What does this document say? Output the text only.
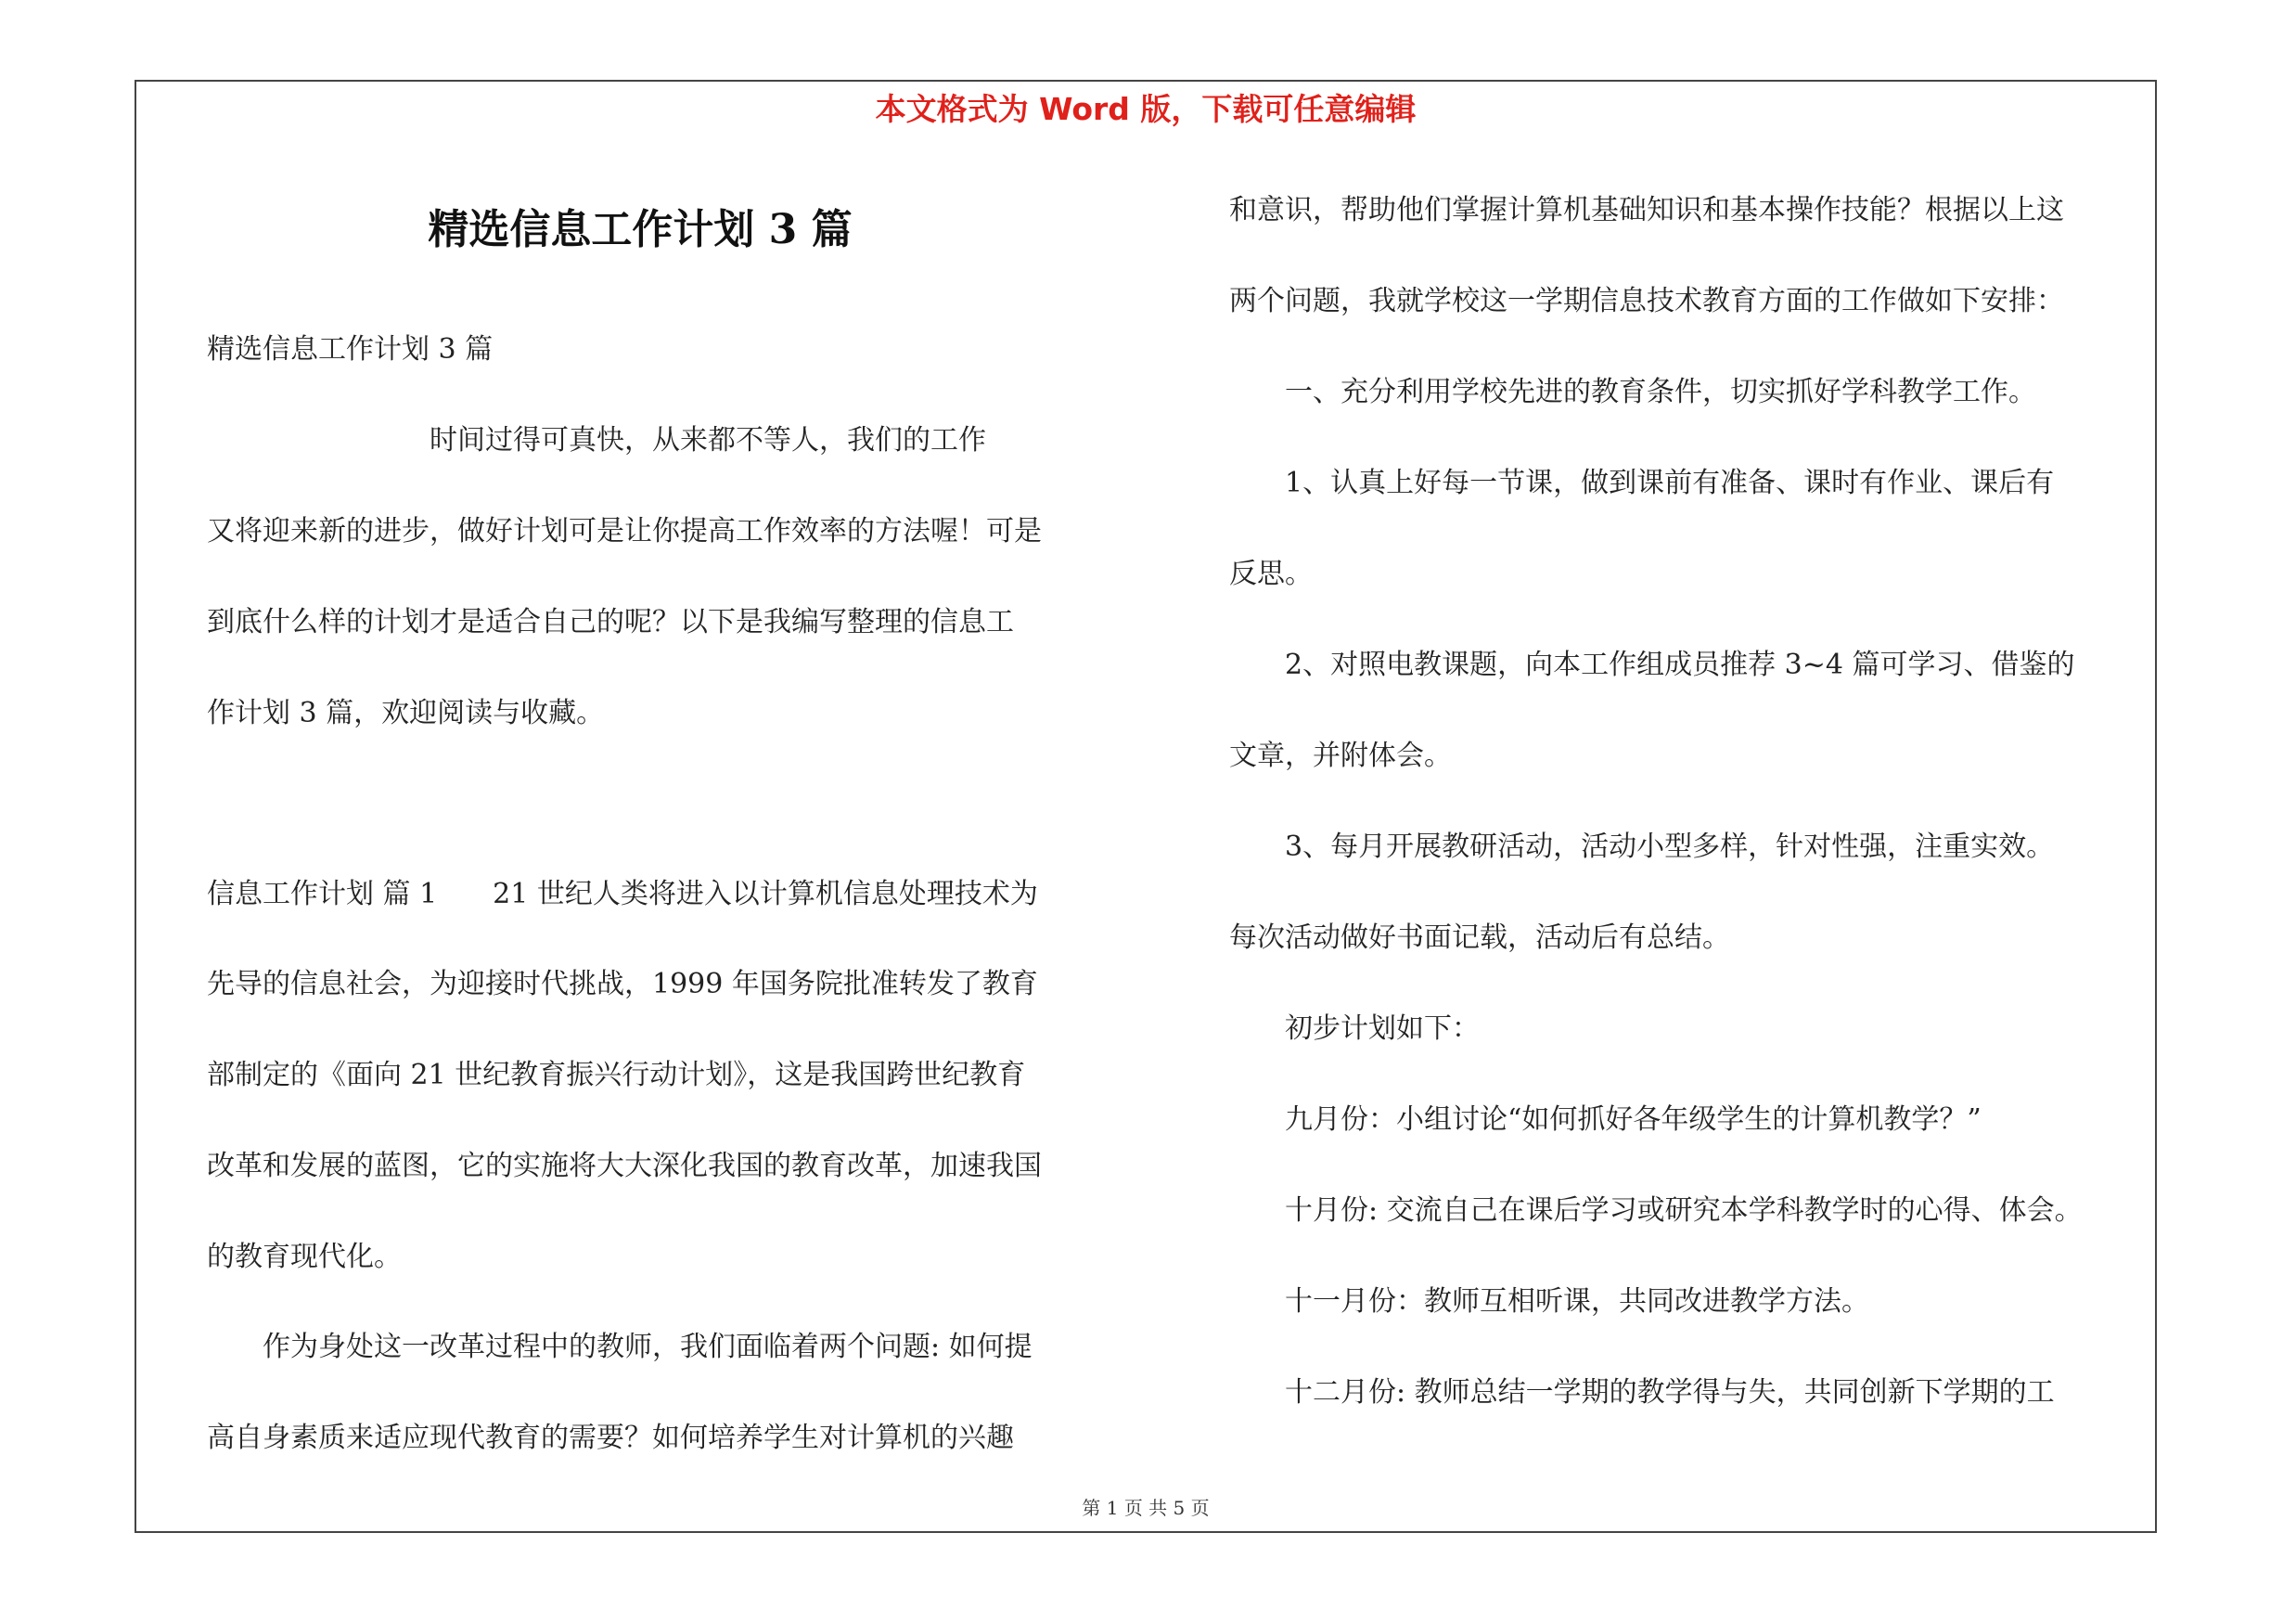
本文格式为 Word 版，下载可任意编辑
精选信息工作计划 3 篇
精选信息工作计划 3 篇
　　　　　　　　时间过得可真快，从来都不等人，我们的工作
又将迎来新的进步，做好计划可是让你提高工作效率的方法喔！可是
到底什么样的计划才是适合自己的呢？以下是我编写整理的信息工
作计划 3 篇，欢迎阅读与收藏。
信息工作计划 篇 1　　21 世纪人类将进入以计算机信息处理技术为
先导的信息社会，为迎接时代挑战，1999 年国务院批准转发了教育
部制定的《面向 21 世纪教育振兴行动计划》，这是我国跨世纪教育
改革和发展的蓝图，它的实施将大大深化我国的教育改革，加速我国
的教育现代化。
　　作为身处这一改革过程中的教师，我们面临着两个问题: 如何提
高自身素质来适应现代教育的需要？如何培养学生对计算机的兴趣
和意识，帮助他们掌握计算机基础知识和基本操作技能？根据以上这
两个问题，我就学校这一学期信息技术教育方面的工作做如下安排：
　　一、充分利用学校先进的教育条件，切实抓好学科教学工作。
　　1、认真上好每一节课，做到课前有准备、课时有作业、课后有
反思。
　　2、对照电教课题，向本工作组成员推荐 3~4 篇可学习、借鉴的
文章，并附体会。
　　3、每月开展教研活动，活动小型多样，针对性强，注重实效。
每次活动做好书面记载，活动后有总结。
　　初步计划如下：
　　九月份：小组讨论“如何抓好各年级学生的计算机教学？”
　　十月份: 交流自己在课后学习或研究本学科教学时的心得、体会。
　　十一月份：教师互相听课，共同改进教学方法。
　　十二月份: 教师总结一学期的教学得与失，共同创新下学期的工
第 1 页 共 5 页
